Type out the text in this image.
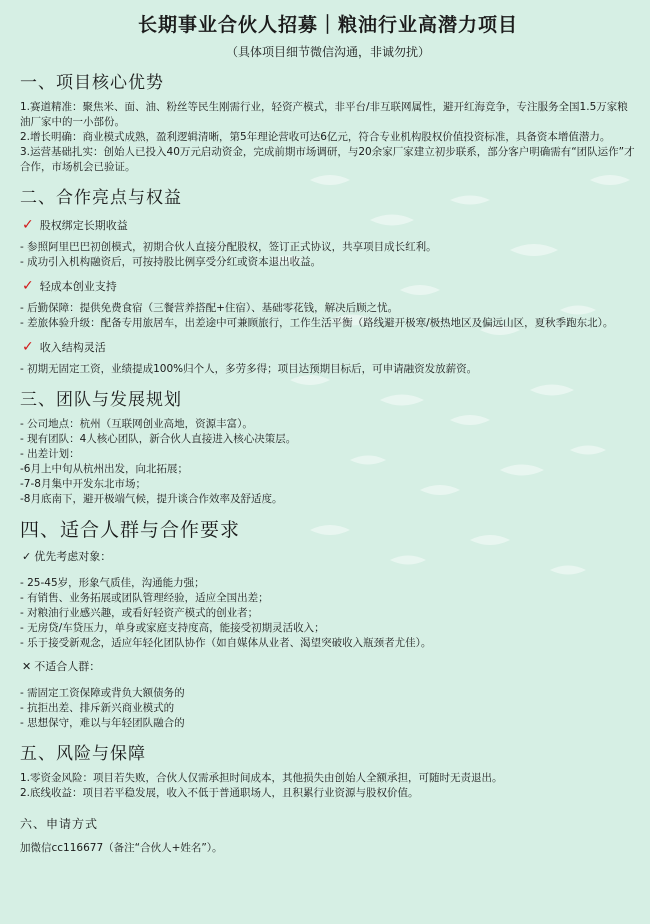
长期事业合伙人招募｜粮油行业高潜力项目
（具体项目细节微信沟通，非诚勿扰）
一、项目核心优势

1.赛道精准：聚焦米、面、油、粉丝等民生刚需行业，轻资产模式，非平台/非互联网属性，避开红海竞争，专注服务全国1.5万家粮油厂家中的一小部份。

2.增长明确：商业模式成熟，盈利逻辑清晰，第5年理论营收可达6亿元，符合专业机构股权价值投资标准，具备资本增值潜力。

3.运营基础扎实：创始人已投入40万元启动资金，完成前期市场调研，与20余家厂家建立初步联系，部分客户明确需有“团队运作”才合作，市场机会已验证。

二、合作亮点与权益
✓ 股权绑定长期收益
- 参照阿里巴巴初创模式，初期合伙人直接分配股权，签订正式协议，共享项目成长红利。
- 成功引入机构融资后，可按持股比例享受分红或资本退出收益。
✓ 轻成本创业支持
- 后勤保障：提供免费食宿（三餐营养搭配+住宿）、基础零花钱，解决后顾之忧。
- 差旅体验升级：配备专用旅居车，出差途中可兼顾旅行，工作生活平衡（路线避开极寒/极热地区及偏远山区，夏秋季跑东北）。
✓ 收入结构灵活
- 初期无固定工资，业绩提成100%归个人，多劳多得；项目达预期目标后，可申请融资发放薪资。
三、团队与发展规划
- 公司地点：杭州（互联网创业高地，资源丰富）。
- 现有团队：4人核心团队，新合伙人直接进入核心决策层。
- 出差计划：
-6月上中旬从杭州出发，向北拓展；
-7-8月集中开发东北市场；
-8月底南下，避开极端气候，提升谈合作效率及舒适度。
四、适合人群与合作要求
✓ 优先考虑对象：
- 25-45岁，形象气质佳，沟通能力强；
- 有销售、业务拓展或团队管理经验，适应全国出差；
- 对粮油行业感兴趣，或看好轻资产模式的创业者；
- 无房贷/车贷压力，单身或家庭支持度高，能接受初期灵活收入；
- 乐于接受新观念，适应年轻化团队协作（如自媒体从业者、渴望突破收入瓶颈者尤佳）。
✕ 不适合人群：
- 需固定工资保障或背负大额债务的
- 抗拒出差、排斥新兴商业模式的
- 思想保守，难以与年轻团队融合的
五、风险与保障

1.零资金风险：项目若失败，合伙人仅需承担时间成本，其他损失由创始人全额承担，可随时无责退出。

2.底线收益：项目若平稳发展，收入不低于普通职场人，且积累行业资源与股权价值。

六、申请方式

加微信cc116677（备注“合伙人+姓名”）。
